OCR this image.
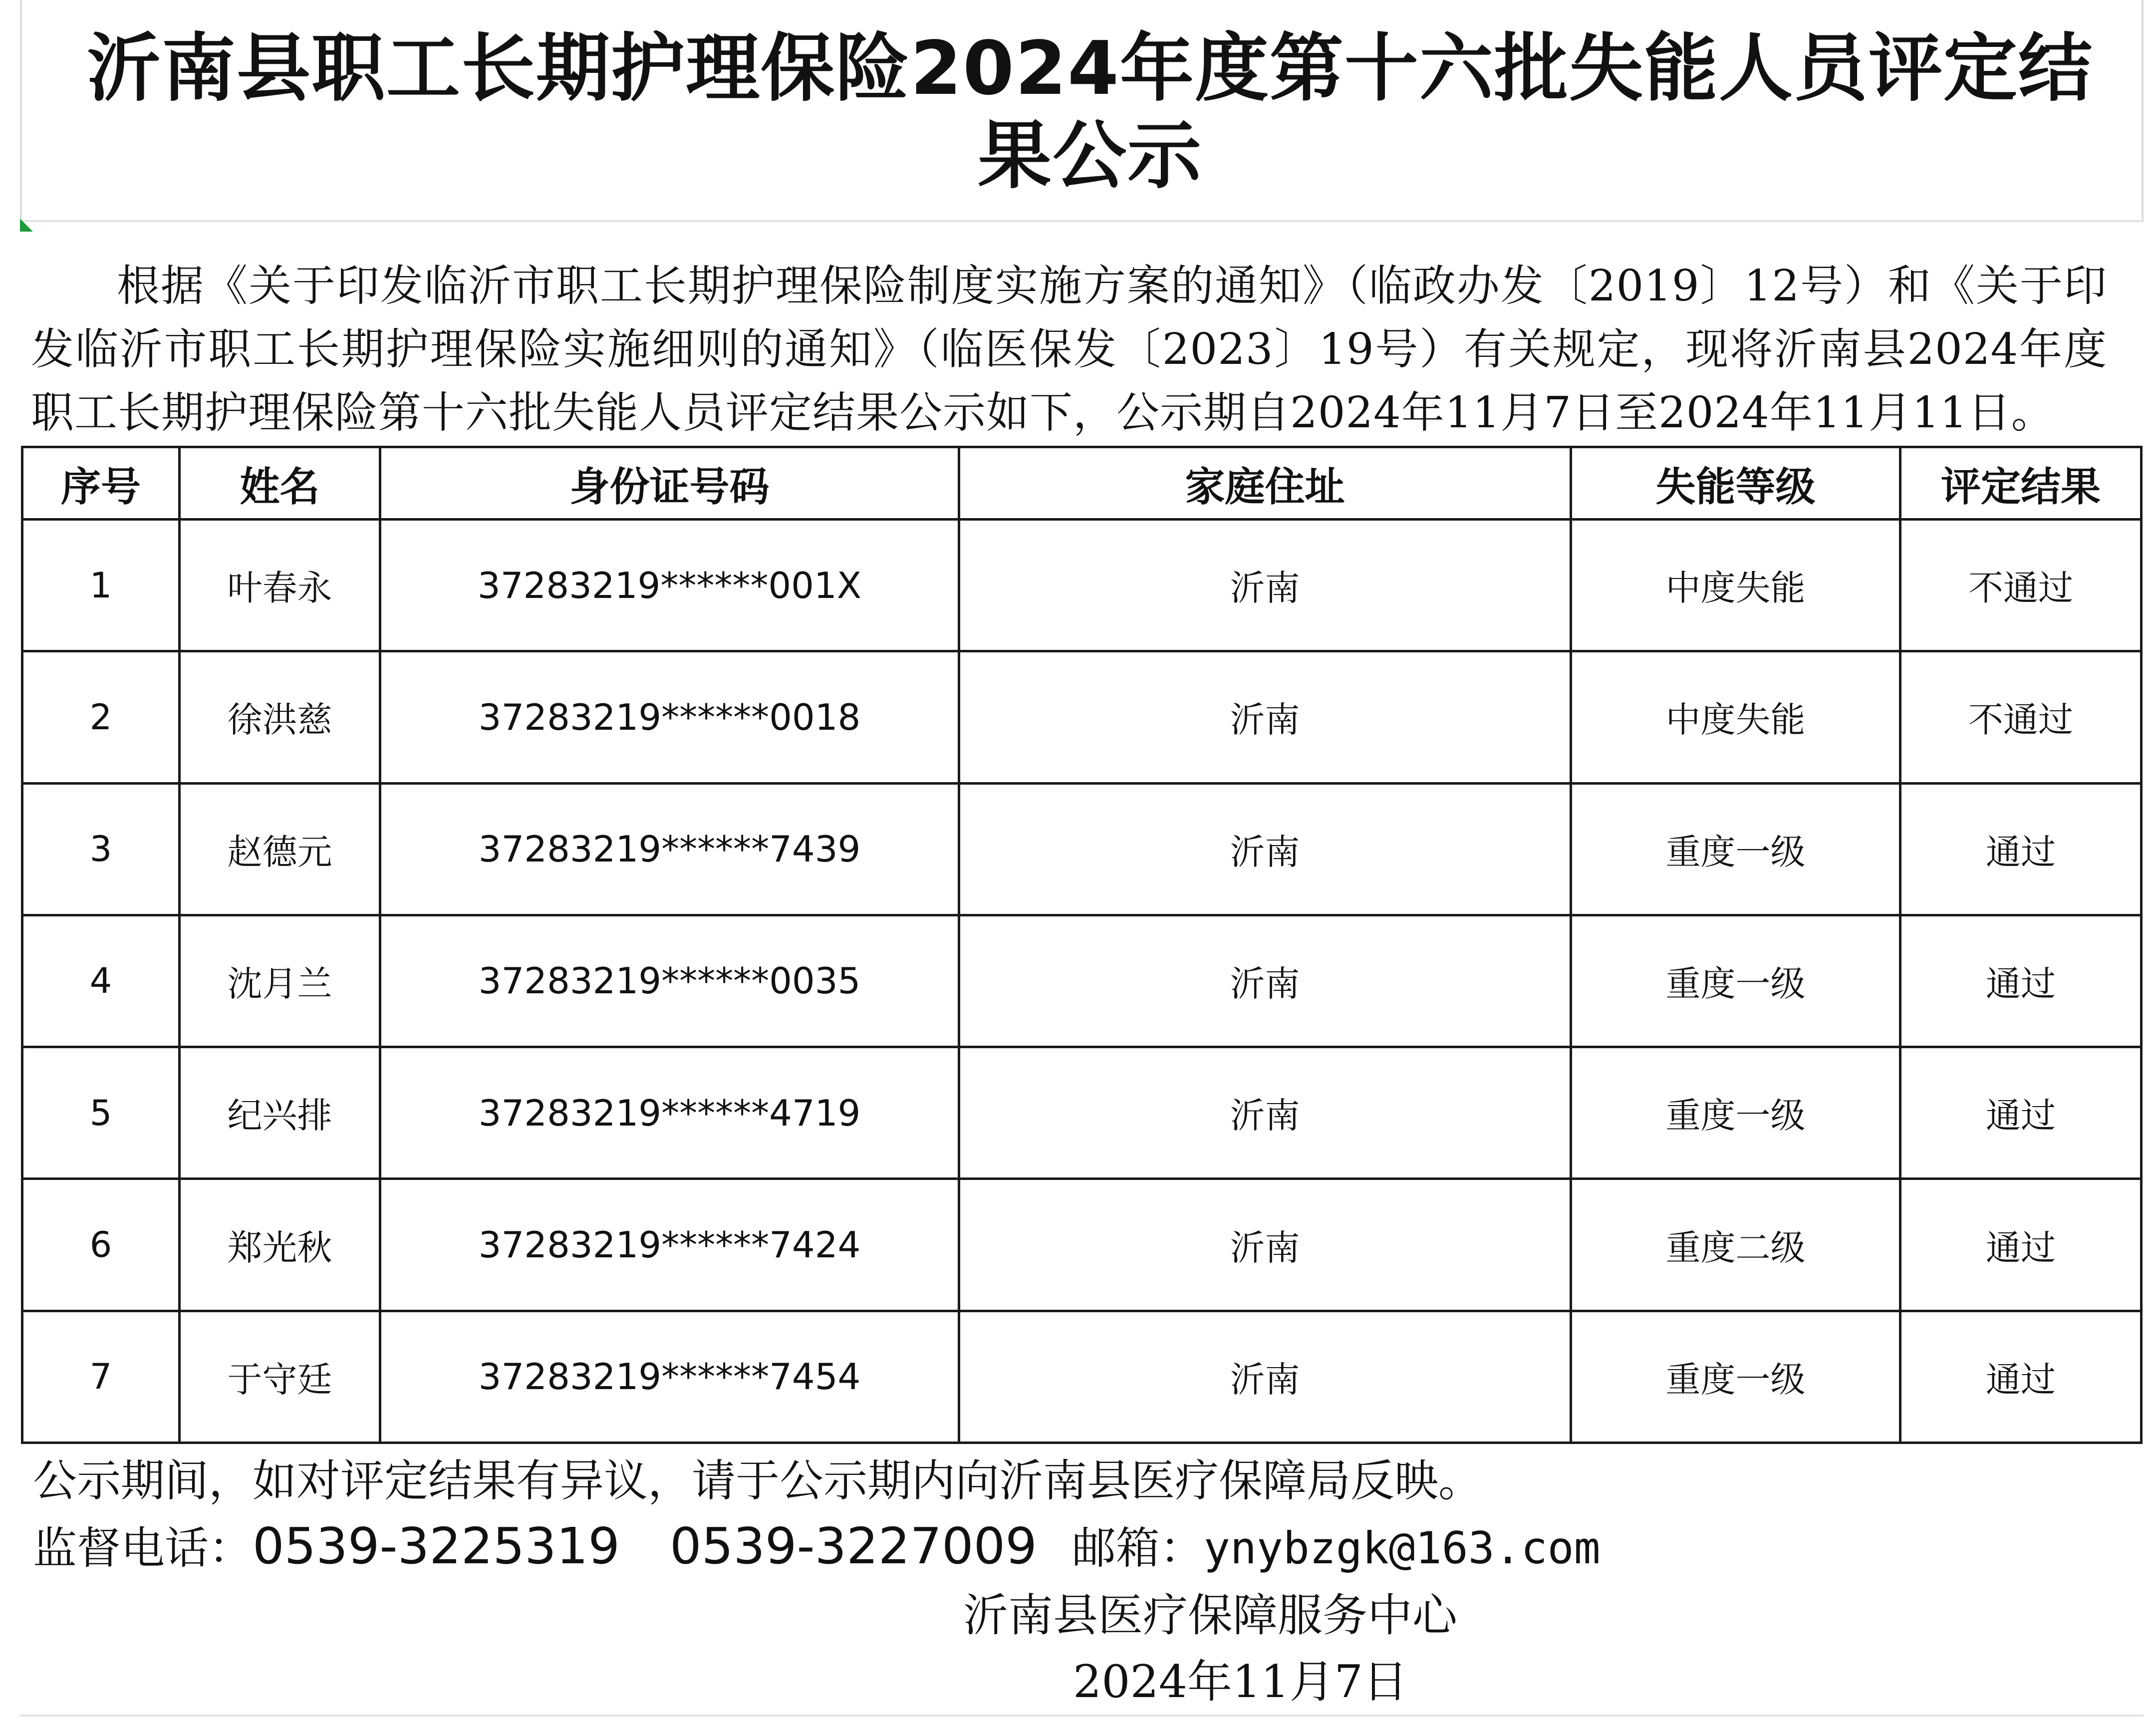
沂南县职工长期护理保险2024年度第十六批失能人员评定结果公示

根据《关于印发临沂市职工长期护理保险制度实施方案的通知》（临政办发〔2019〕12号）和《关于印发临沂市职工长期护理保险实施细则的通知》（临医保发〔2023〕19号）有关规定，现将沂南县2024年度职工长期护理保险第十六批失能人员评定结果公示如下，公示期自2024年11月7日至2024年11月11日。

序号	姓名	身份证号码	家庭住址	失能等级	评定结果
1	叶春永	37283219******001X	沂南	中度失能	不通过
2	徐洪慈	37283219******0018	沂南	中度失能	不通过
3	赵德元	37283219******7439	沂南	重度一级	通过
4	沈月兰	37283219******0035	沂南	重度一级	通过
5	纪兴排	37283219******4719	沂南	重度一级	通过
6	郑光秋	37283219******7424	沂南	重度二级	通过
7	于守廷	37283219******7454	沂南	重度一级	通过
公示期间，如对评定结果有异议，请于公示期内向沂南县医疗保障局反映。
监督电话：0539-3225319 0539-3227009 邮箱：ynybzgk@163.com
沂南县医疗保障服务中心
2024年11月7日
